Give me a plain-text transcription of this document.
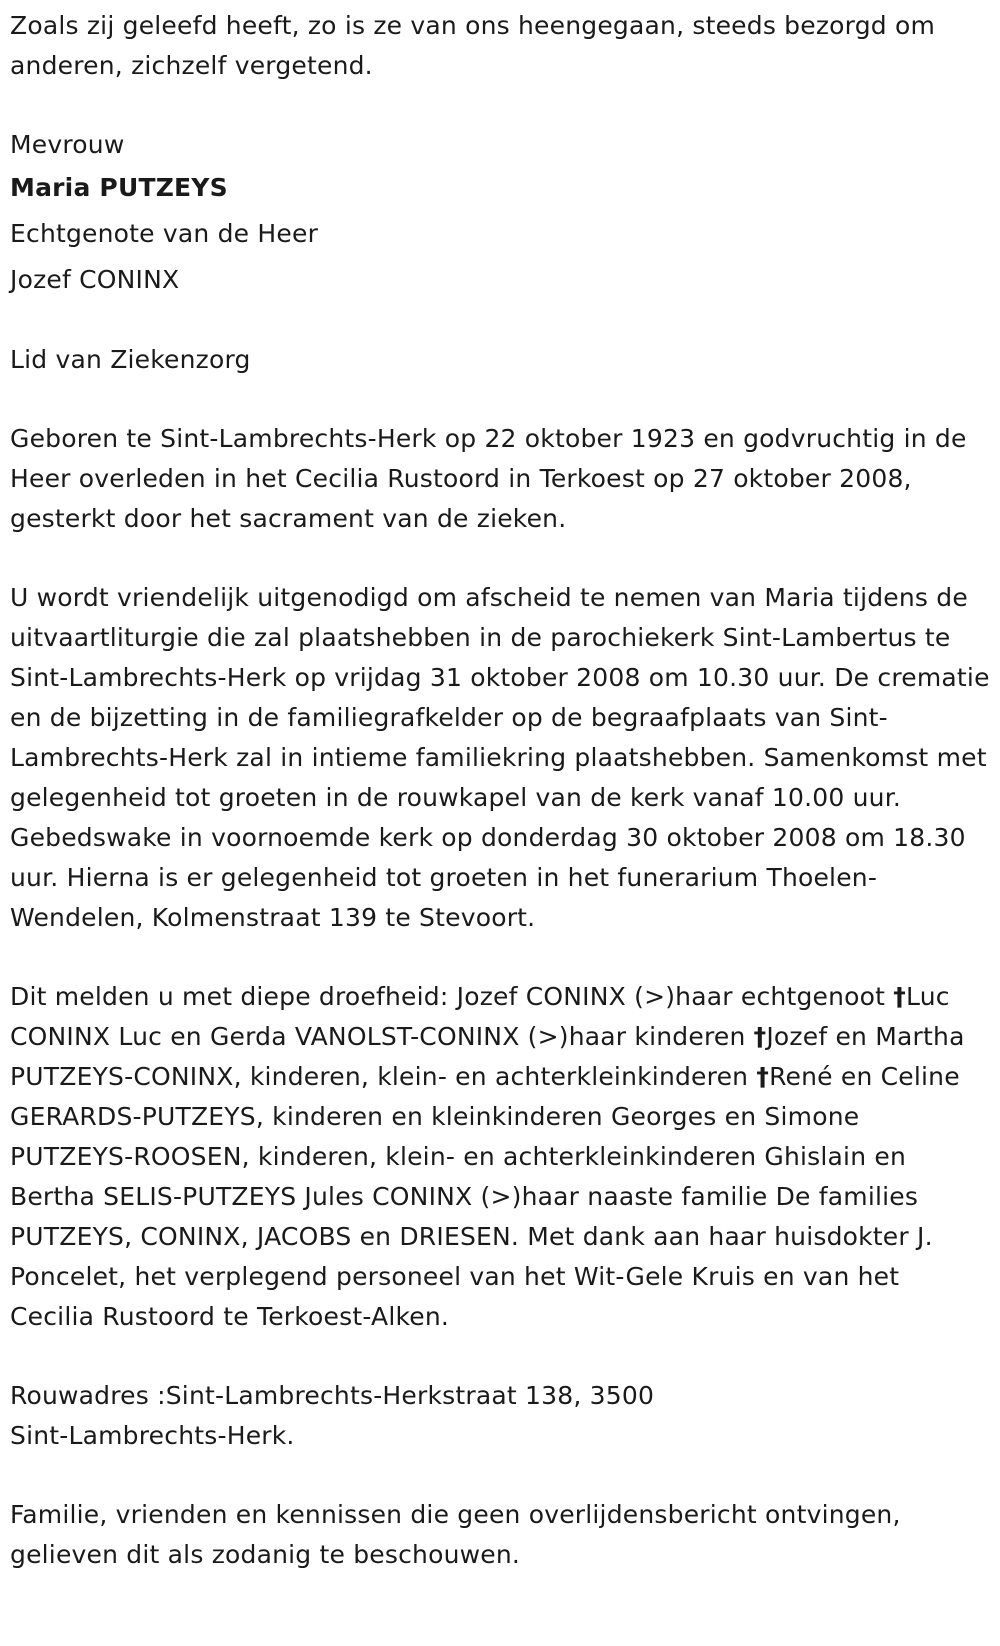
Zoals zij geleefd heeft, zo is ze van ons heengegaan, steeds bezorgd om anderen, zichzelf vergetend.

Mevrouw

Maria PUTZEYS

Echtgenote van de Heer

Jozef CONINX

Lid van Ziekenzorg

Geboren te Sint-Lambrechts-Herk op 22 oktober 1923 en godvruchtig in de Heer overleden in het Cecilia Rustoord in Terkoest op 27 oktober 2008, gesterkt door het sacrament van de zieken.

U wordt vriendelijk uitgenodigd om afscheid te nemen van Maria tijdens de uitvaartliturgie die zal plaatshebben in de parochiekerk Sint-Lambertus te Sint-Lambrechts-Herk op vrijdag 31 oktober 2008 om 10.30 uur. De crematie en de bijzetting in de familiegrafkelder op de begraafplaats van Sint-Lambrechts-Herk zal in intieme familiekring plaatshebben. Samenkomst met gelegenheid tot groeten in de rouwkapel van de kerk vanaf 10.00 uur. Gebedswake in voornoemde kerk op donderdag 30 oktober 2008 om 18.30 uur. Hierna is er gelegenheid tot groeten in het funerarium Thoelen-Wendelen, Kolmenstraat 139 te Stevoort.

Dit melden u met diepe droefheid: Jozef CONINX (>)haar echtgenoot †Luc CONINX Luc en Gerda VANOLST-CONINX (>)haar kinderen †Jozef en Martha PUTZEYS-CONINX, kinderen, klein- en achterkleinkinderen †René en Celine GERARDS-PUTZEYS, kinderen en kleinkinderen Georges en Simone PUTZEYS-ROOSEN, kinderen, klein- en achterkleinkinderen Ghislain en Bertha SELIS-PUTZEYS Jules CONINX (>)haar naaste familie De families PUTZEYS, CONINX, JACOBS en DRIESEN. Met dank aan haar huisdokter J. Poncelet, het verplegend personeel van het Wit-Gele Kruis en van het Cecilia Rustoord te Terkoest-Alken.

Rouwadres :Sint-Lambrechts-Herkstraat 138, 3500

Sint-Lambrechts-Herk.

Familie, vrienden en kennissen die geen overlijdensbericht ontvingen, gelieven dit als zodanig te beschouwen.
